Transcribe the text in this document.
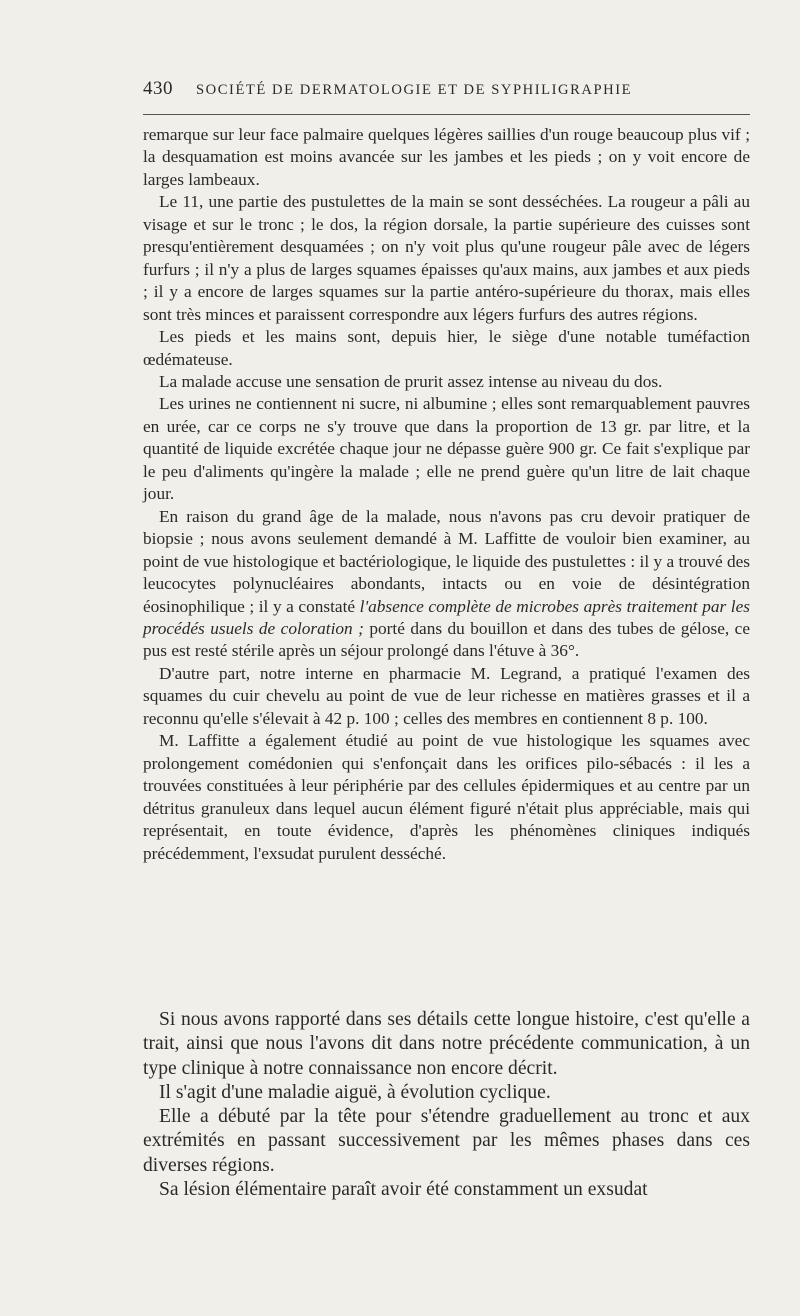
430 SOCIÉTÉ DE DERMATOLOGIE ET DE SYPHILIGRAPHIE

remarque sur leur face palmaire quelques légères saillies d'un rouge beaucoup plus vif ; la desquamation est moins avancée sur les jambes et les pieds ; on y voit encore de larges lambeaux.

Le 11, une partie des pustulettes de la main se sont desséchées. La rougeur a pâli au visage et sur le tronc ; le dos, la région dorsale, la partie supérieure des cuisses sont presqu'entièrement desquamées ; on n'y voit plus qu'une rougeur pâle avec de légers furfurs ; il n'y a plus de larges squames épaisses qu'aux mains, aux jambes et aux pieds ; il y a encore de larges squames sur la partie antéro-supérieure du thorax, mais elles sont très minces et paraissent correspondre aux légers furfurs des autres régions.

Les pieds et les mains sont, depuis hier, le siège d'une notable tuméfaction œdémateuse.

La malade accuse une sensation de prurit assez intense au niveau du dos.

Les urines ne contiennent ni sucre, ni albumine ; elles sont remarquablement pauvres en urée, car ce corps ne s'y trouve que dans la proportion de 13 gr. par litre, et la quantité de liquide excrétée chaque jour ne dépasse guère 900 gr. Ce fait s'explique par le peu d'aliments qu'ingère la malade ; elle ne prend guère qu'un litre de lait chaque jour.

En raison du grand âge de la malade, nous n'avons pas cru devoir pratiquer de biopsie ; nous avons seulement demandé à M. Laffitte de vouloir bien examiner, au point de vue histologique et bactériologique, le liquide des pustulettes : il y a trouvé des leucocytes polynucléaires abondants, intacts ou en voie de désintégration éosinophilique ; il y a constaté l'absence complète de microbes après traitement par les procédés usuels de coloration ; porté dans du bouillon et dans des tubes de gélose, ce pus est resté stérile après un séjour prolongé dans l'étuve à 36°.

D'autre part, notre interne en pharmacie M. Legrand, a pratiqué l'examen des squames du cuir chevelu au point de vue de leur richesse en matières grasses et il a reconnu qu'elle s'élevait à 42 p. 100 ; celles des membres en contiennent 8 p. 100.

M. Laffitte a également étudié au point de vue histologique les squames avec prolongement comédonien qui s'enfonçait dans les orifices pilo-sébacés : il les a trouvées constituées à leur périphérie par des cellules épidermiques et au centre par un détritus granuleux dans lequel aucun élément figuré n'était plus appréciable, mais qui représentait, en toute évidence, d'après les phénomènes cliniques indiqués précédemment, l'exsudat purulent desséché.

Si nous avons rapporté dans ses détails cette longue histoire, c'est qu'elle a trait, ainsi que nous l'avons dit dans notre précédente communication, à un type clinique à notre connaissance non encore décrit.

Il s'agit d'une maladie aiguë, à évolution cyclique.

Elle a débuté par la tête pour s'étendre graduellement au tronc et aux extrémités en passant successivement par les mêmes phases dans ces diverses régions.

Sa lésion élémentaire paraît avoir été constamment un exsudat
